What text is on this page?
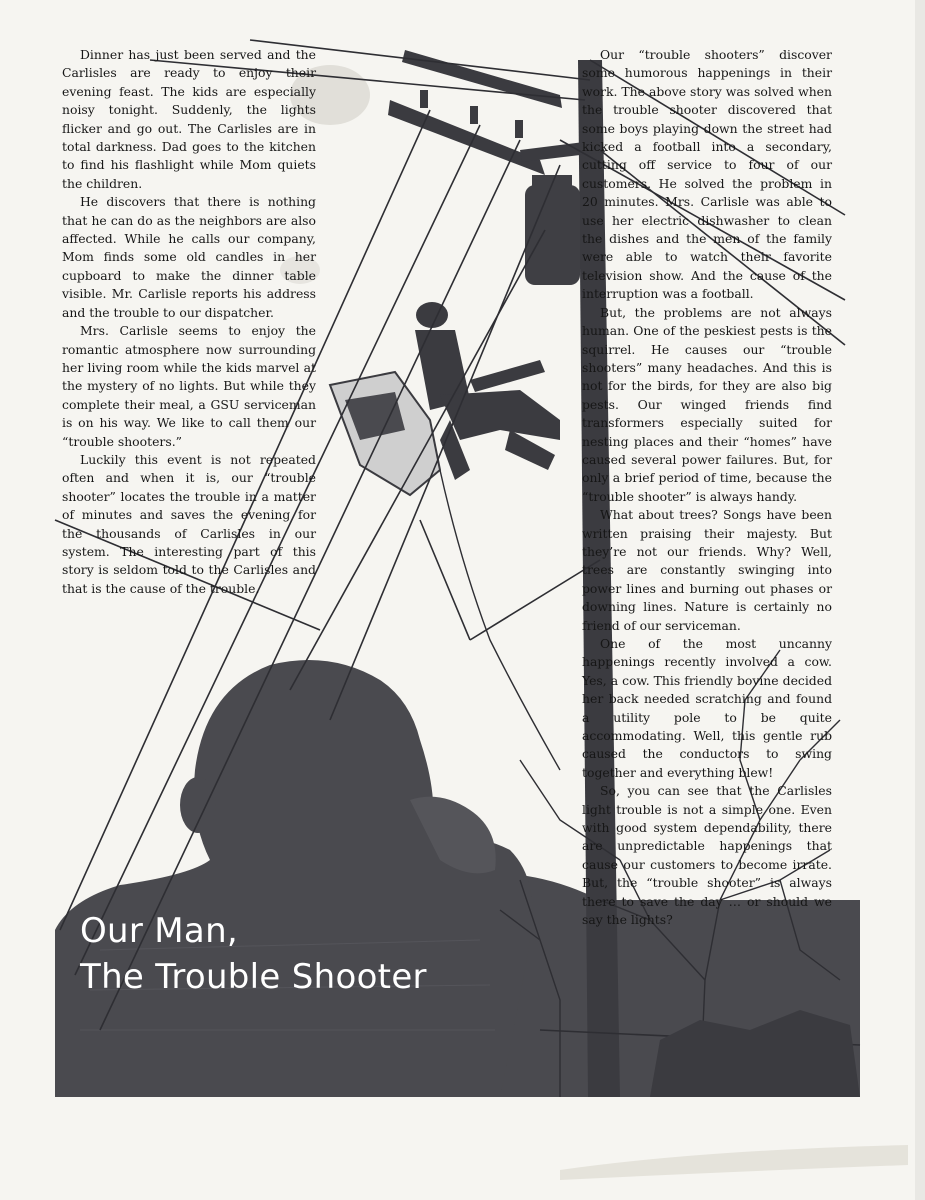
Dinner has just been served and the Carlisles are ready to enjoy their evening feast. The kids are especially noisy tonight. Suddenly, the lights flicker and go out. The Carlisles are in total darkness. Dad goes to the kitchen to find his flashlight while Mom quiets the children.

He discovers that there is nothing that he can do as the neighbors are also affected. While he calls our company, Mom finds some old candles in her cupboard to make the dinner table visible. Mr. Carlisle reports his address and the trouble to our dispatcher.

Mrs. Carlisle seems to enjoy the romantic atmosphere now surrounding her living room while the kids marvel at the mystery of no lights. But while they complete their meal, a GSU serviceman is on his way. We like to call them our “trouble shooters.”

Luckily this event is not repeated often and when it is, our “trouble shooter” locates the trouble in a matter of minutes and saves the evening for the thousands of Carlisles in our system. The interesting part of this story is seldom told to the Carlisles and that is the cause of the trouble.

Our “trouble shooters” discover some humorous happenings in their work. The above story was solved when the trouble shooter discovered that some boys playing down the street had kicked a football into a secondary, cutting off service to four of our customers. He solved the problem in 20 minutes. Mrs. Carlisle was able to use her electric dishwasher to clean the dishes and the men of the family were able to watch their favorite television show. And the cause of the interruption was a football.

But, the problems are not always human. One of the peskiest pests is the squirrel. He causes our “trouble shooters” many headaches. And this is not for the birds, for they are also big pests. Our winged friends find transformers especially suited for nesting places and their “homes” have caused several power failures. But, for only a brief period of time, because the “trouble shooter” is always handy.

What about trees? Songs have been written praising their majesty. But they’re not our friends. Why? Well, trees are constantly swinging into power lines and burning out phases or downing lines. Nature is certainly no friend of our serviceman.

One of the most uncanny happenings recently involved a cow. Yes, a cow. This friendly bovine decided her back needed scratching and found a utility pole to be quite accommodating. Well, this gentle rub caused the conductors to swing together and everything blew!

So, you can see that the Carlisles light trouble is not a simple one. Even with good system dependability, there are unpredictable happenings that cause our customers to become irrate. But, the “trouble shooter” is always there to save the day … or should we say the lights?

Our Man,
The Trouble Shooter
